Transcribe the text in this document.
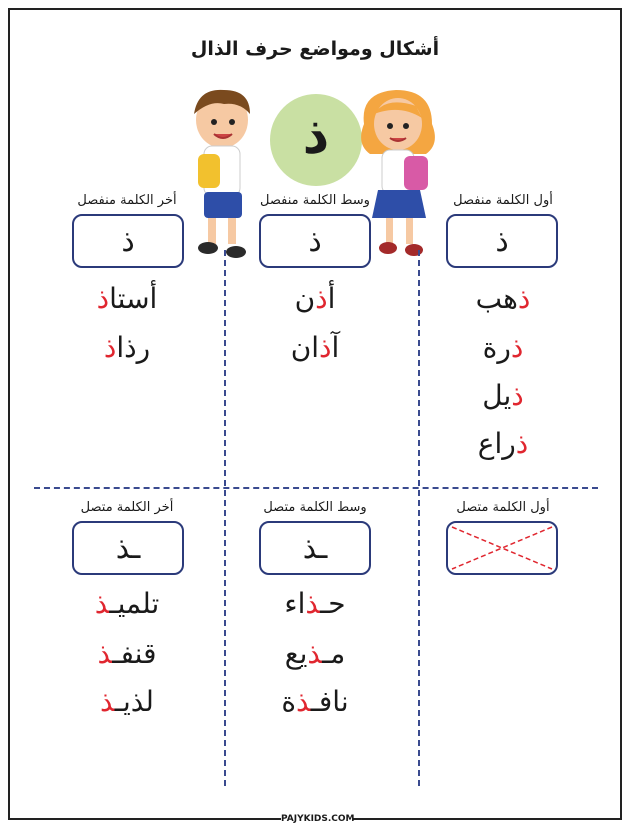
أشكال ومواضع حرف الذال
ذ
أول الكلمة منفصل
وسط الكلمة منفصل
أخر الكلمة منفصل
ذ
ذ
ذ
ذهب
ذرة
ذيل
ذراع
أذن
آذان
أستاذ
رذاذ
أول الكلمة متصل
وسط الكلمة متصل
أخر الكلمة متصل
ـذ
ـذ
حـذاء
مـذيع
نافـذة
تلميـذ
قنفـذ
لذيـذ
PAJYKIDS.COM
